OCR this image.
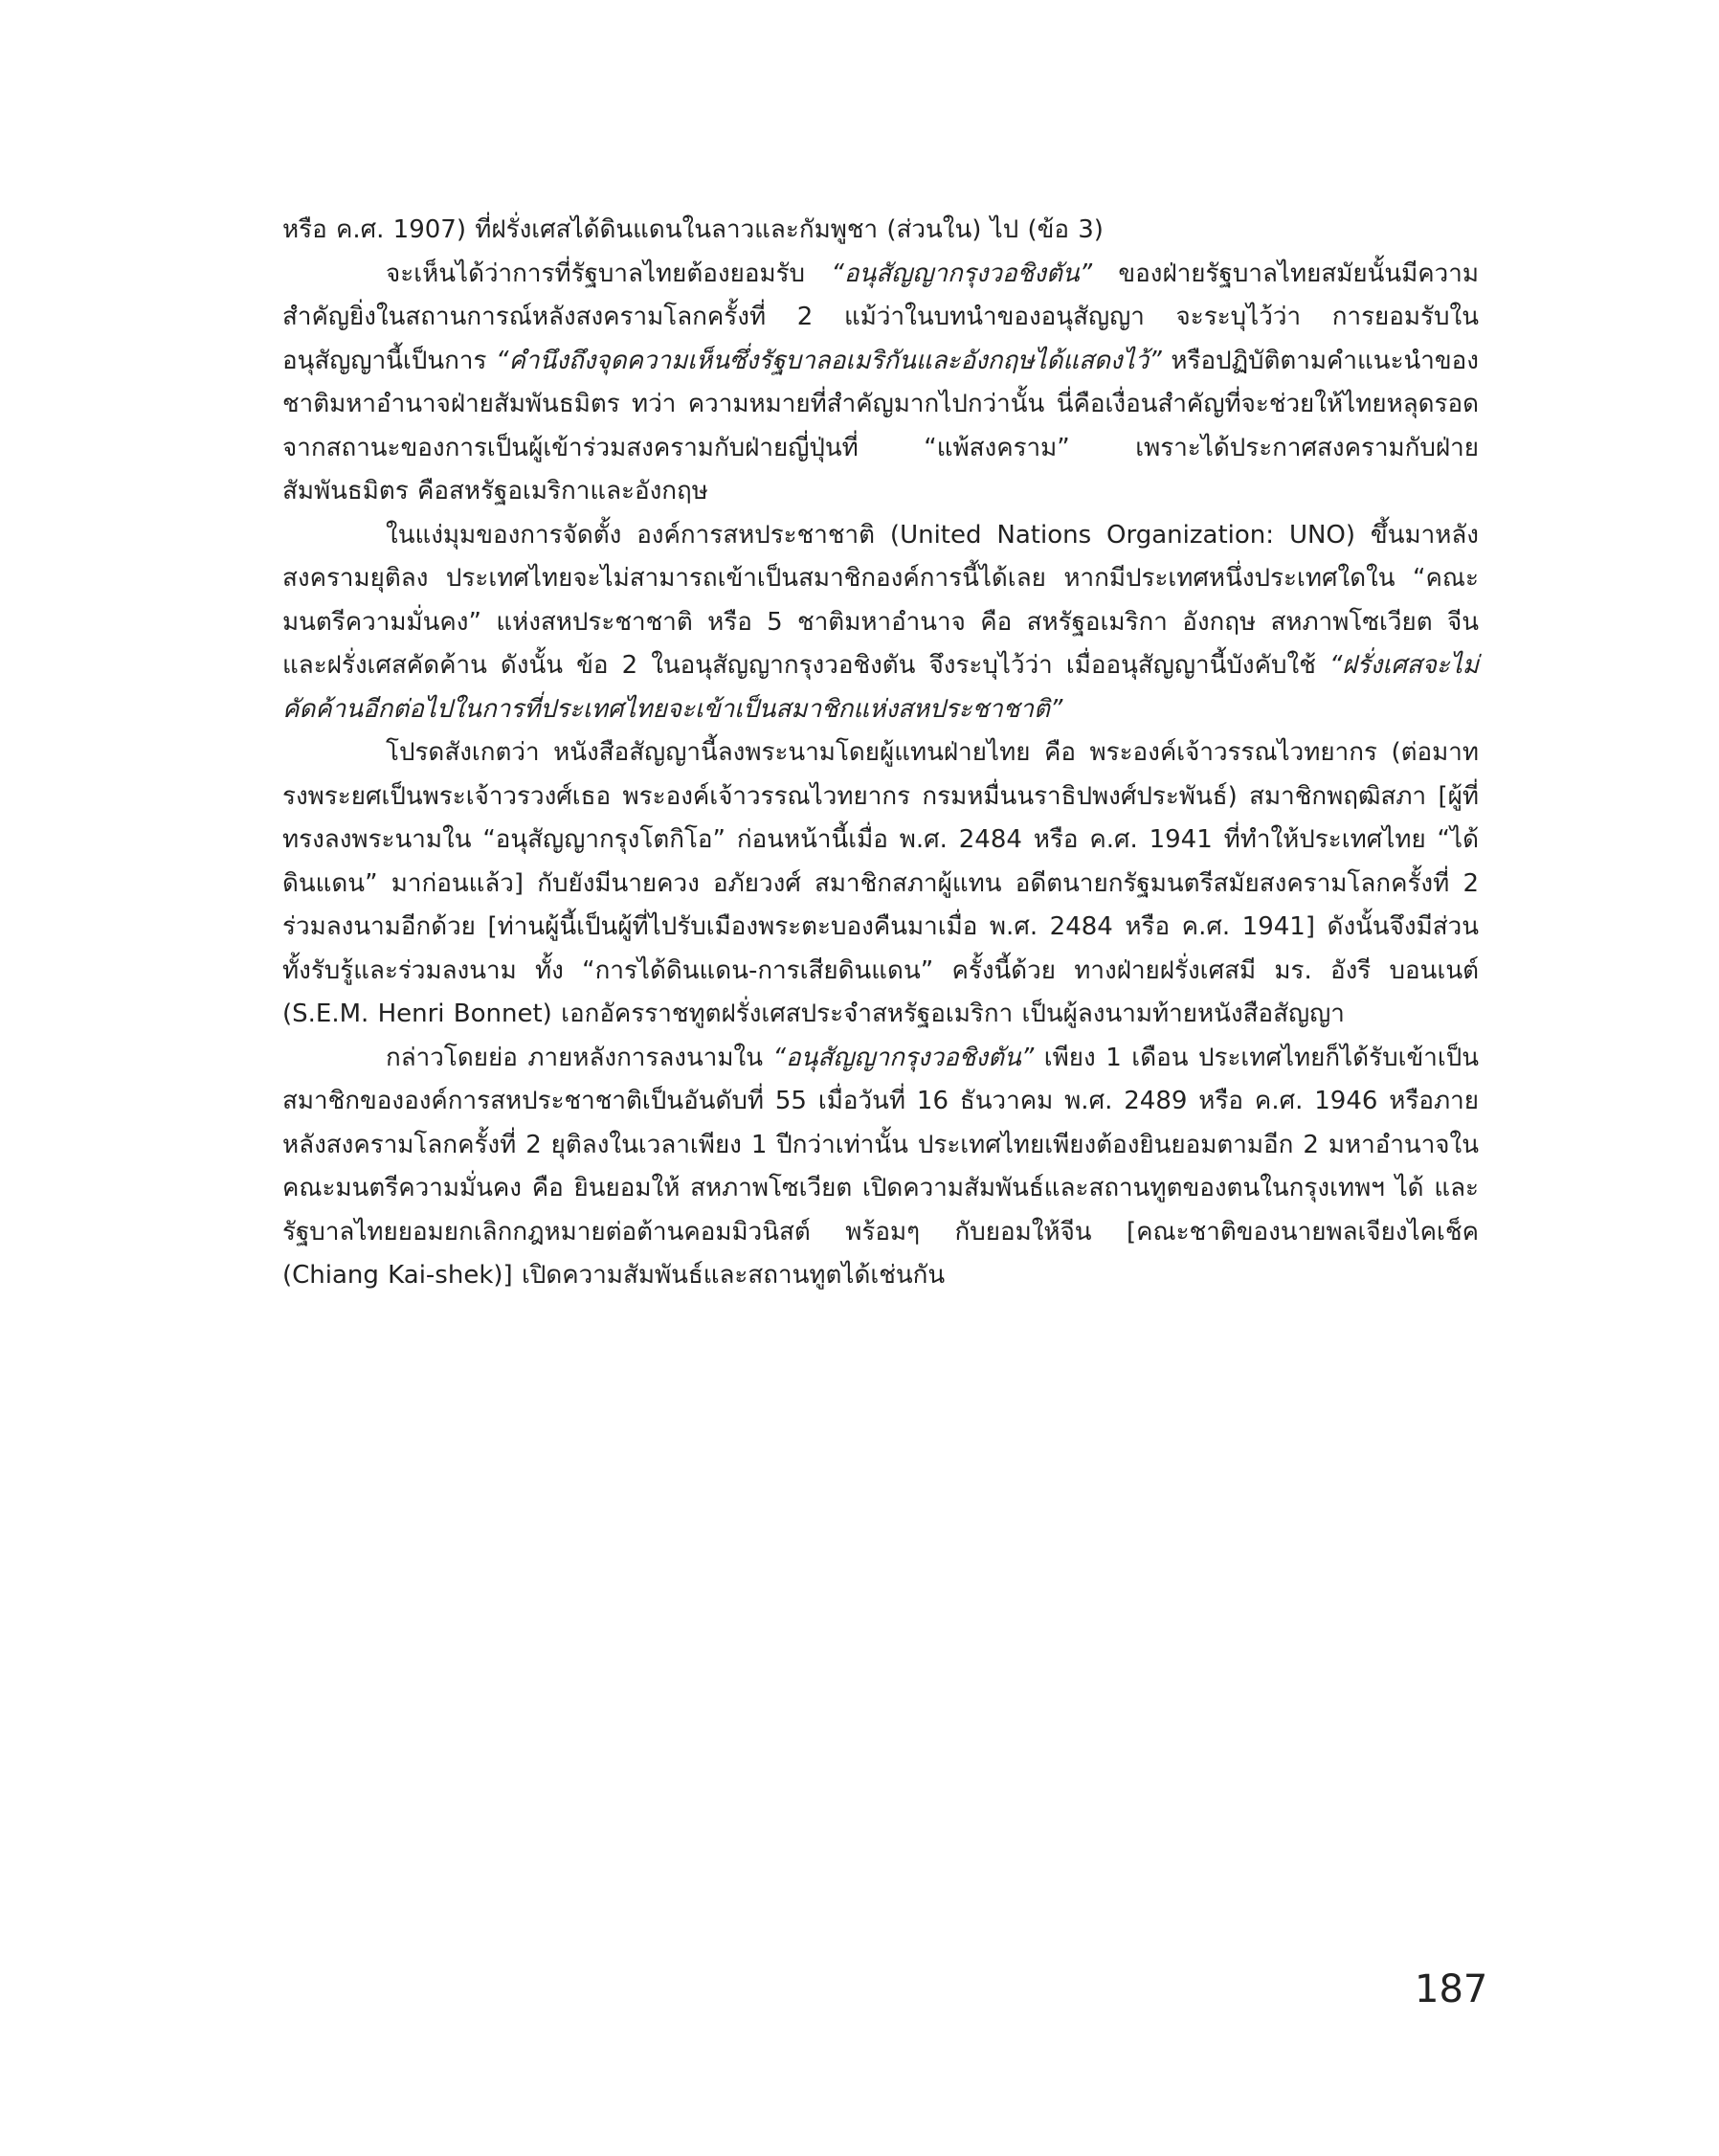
หรือ ค.ศ. 1907) ที่ฝรั่งเศสได้ดินแดนในลาวและกัมพูชา (ส่วนใน) ไป (ข้อ 3)

จะเห็นได้ว่าการที่รัฐบาลไทยต้องยอมรับ “อนุสัญญากรุงวอชิงตัน” ของฝ่ายรัฐบาลไทยสมัยนั้นมีความสำคัญยิ่งในสถานการณ์หลังสงครามโลกครั้งที่ 2 แม้ว่าในบทนำของอนุสัญญา จะระบุไว้ว่า การยอมรับในอนุสัญญานี้เป็นการ “คำนึงถึงจุดความเห็นซึ่งรัฐบาลอเมริกันและอังกฤษได้แสดงไว้” หรือปฏิบัติตามคำแนะนำของชาติมหาอำนาจฝ่ายสัมพันธมิตร ทว่า ความหมายที่สำคัญมากไปกว่านั้น นี่คือเงื่อนสำคัญที่จะช่วยให้ไทยหลุดรอดจากสถานะของการเป็นผู้เข้าร่วมสงครามกับฝ่ายญี่ปุ่นที่ “แพ้สงคราม” เพราะได้ประกาศสงครามกับฝ่ายสัมพันธมิตร คือสหรัฐอเมริกาและอังกฤษ

ในแง่มุมของการจัดตั้ง องค์การสหประชาชาติ (United Nations Organization: UNO) ขึ้นมาหลังสงครามยุติลง ประเทศไทยจะไม่สามารถเข้าเป็นสมาชิกองค์การนี้ได้เลย หากมีประเทศหนึ่งประเทศใดใน “คณะมนตรีความมั่นคง” แห่งสหประชาชาติ หรือ 5 ชาติมหาอำนาจ คือ สหรัฐอเมริกา อังกฤษ สหภาพโซเวียต จีน และฝรั่งเศสคัดค้าน ดังนั้น ข้อ 2 ในอนุสัญญากรุงวอชิงตัน จึงระบุไว้ว่า เมื่ออนุสัญญานี้บังคับใช้ “ฝรั่งเศสจะไม่คัดค้านอีกต่อไปในการที่ประเทศไทยจะเข้าเป็นสมาชิกแห่งสหประชาชาติ”

โปรดสังเกตว่า หนังสือสัญญานี้ลงพระนามโดยผู้แทนฝ่ายไทย คือ พระองค์เจ้าวรรณไวทยากร (ต่อมาทรงพระยศเป็นพระเจ้าวรวงศ์เธอ พระองค์เจ้าวรรณไวทยากร กรมหมื่นนราธิปพงศ์ประพันธ์) สมาชิกพฤฒิสภา [ผู้ที่ทรงลงพระนามใน “อนุสัญญากรุงโตกิโอ” ก่อนหน้านี้เมื่อ พ.ศ. 2484 หรือ ค.ศ. 1941 ที่ทำให้ประเทศไทย “ได้ดินแดน” มาก่อนแล้ว] กับยังมีนายควง อภัยวงศ์ สมาชิกสภาผู้แทน อดีตนายกรัฐมนตรีสมัยสงครามโลกครั้งที่ 2 ร่วมลงนามอีกด้วย [ท่านผู้นี้เป็นผู้ที่ไปรับเมืองพระตะบองคืนมาเมื่อ พ.ศ. 2484 หรือ ค.ศ. 1941] ดังนั้นจึงมีส่วนทั้งรับรู้และร่วมลงนาม ทั้ง “การได้ดินแดน-การเสียดินแดน” ครั้งนี้ด้วย ทางฝ่ายฝรั่งเศสมี มร. อังรี บอนเนต์ (S.E.M. Henri Bonnet) เอกอัครราชทูตฝรั่งเศสประจำสหรัฐอเมริกา เป็นผู้ลงนามท้ายหนังสือสัญญา

กล่าวโดยย่อ ภายหลังการลงนามใน “อนุสัญญากรุงวอชิงตัน” เพียง 1 เดือน ประเทศไทยก็ได้รับเข้าเป็นสมาชิกขององค์การสหประชาชาติเป็นอันดับที่ 55 เมื่อวันที่ 16 ธันวาคม พ.ศ. 2489 หรือ ค.ศ. 1946 หรือภายหลังสงครามโลกครั้งที่ 2 ยุติลงในเวลาเพียง 1 ปีกว่าเท่านั้น ประเทศไทยเพียงต้องยินยอมตามอีก 2 มหาอำนาจในคณะมนตรีความมั่นคง คือ ยินยอมให้ สหภาพโซเวียต เปิดความสัมพันธ์และสถานทูตของตนในกรุงเทพฯ ได้ และรัฐบาลไทยยอมยกเลิกกฎหมายต่อต้านคอมมิวนิสต์ พร้อมๆ กับยอมให้จีน [คณะชาติของนายพลเจียงไคเช็ค (Chiang Kai-shek)] เปิดความสัมพันธ์และสถานทูตได้เช่นกัน

187
